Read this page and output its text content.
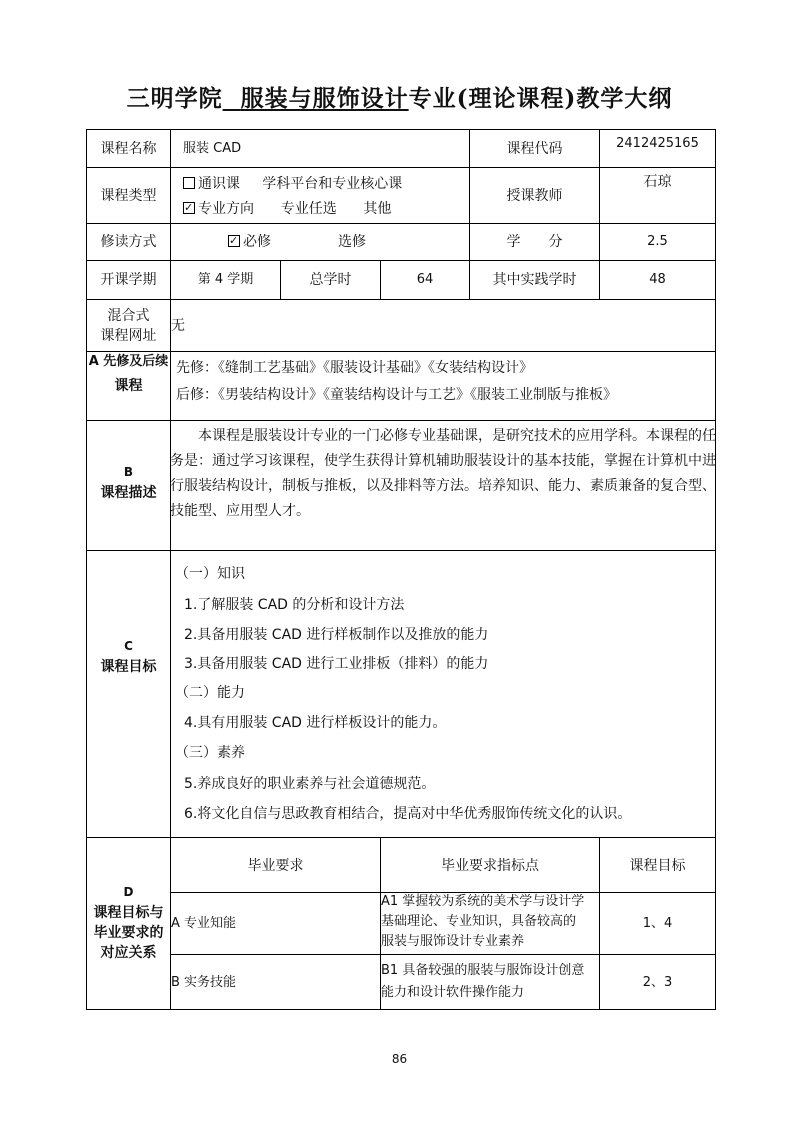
三明学院 服装与服饰设计专业(理论课程)教学大纲
课程名称	服装 CAD	课程代码	2412425165
课程类型
通识课 学科平台和专业核心课
✓专业方向 专业任选 其他
授课教师
石琼
修读方式
✓	必修	选修	学　　分	2.5
开课学期	第 4 学期	总学时	64	其中实践学时	48
混合式
课程网址
无
A 先修及后续
课程
先修：《缝制工艺基础》《服装设计基础》《女装结构设计》
后修：《男装结构设计》《童装结构设计与工艺》《服装工业制版与推板》
B
课程描述

本课程是服装设计专业的一门必修专业基础课，是研究技术的应用学科。本课程的任务是：通过学习该课程，使学生获得计算机辅助服装设计的基本技能，掌握在计算机中进行服装结构设计，制板与推板，以及排料等方法。培养知识、能力、素质兼备的复合型、技能型、应用型人才。

C
课程目标
（一）知识
1.了解服装 CAD 的分析和设计方法
2.具备用服装 CAD 进行样板制作以及推放的能力
3.具备用服装 CAD 进行工业排板（排料）的能力
（二）能力
4.具有用服装 CAD 进行样板设计的能力。
（三）素养
5.养成良好的职业素养与社会道德规范。
6.将文化自信与思政教育相结合，提高对中华优秀服饰传统文化的认识。
D
课程目标与
毕业要求的
对应关系
毕业要求	毕业要求指标点	课程目标
A 专业知能
A1 掌握较为系统的美术学与设计学
基础理论、专业知识，具备较高的
服装与服饰设计专业素养
1、4
B 实务技能
B1 具备较强的服装与服饰设计创意
能力和设计软件操作能力
2、3
86
